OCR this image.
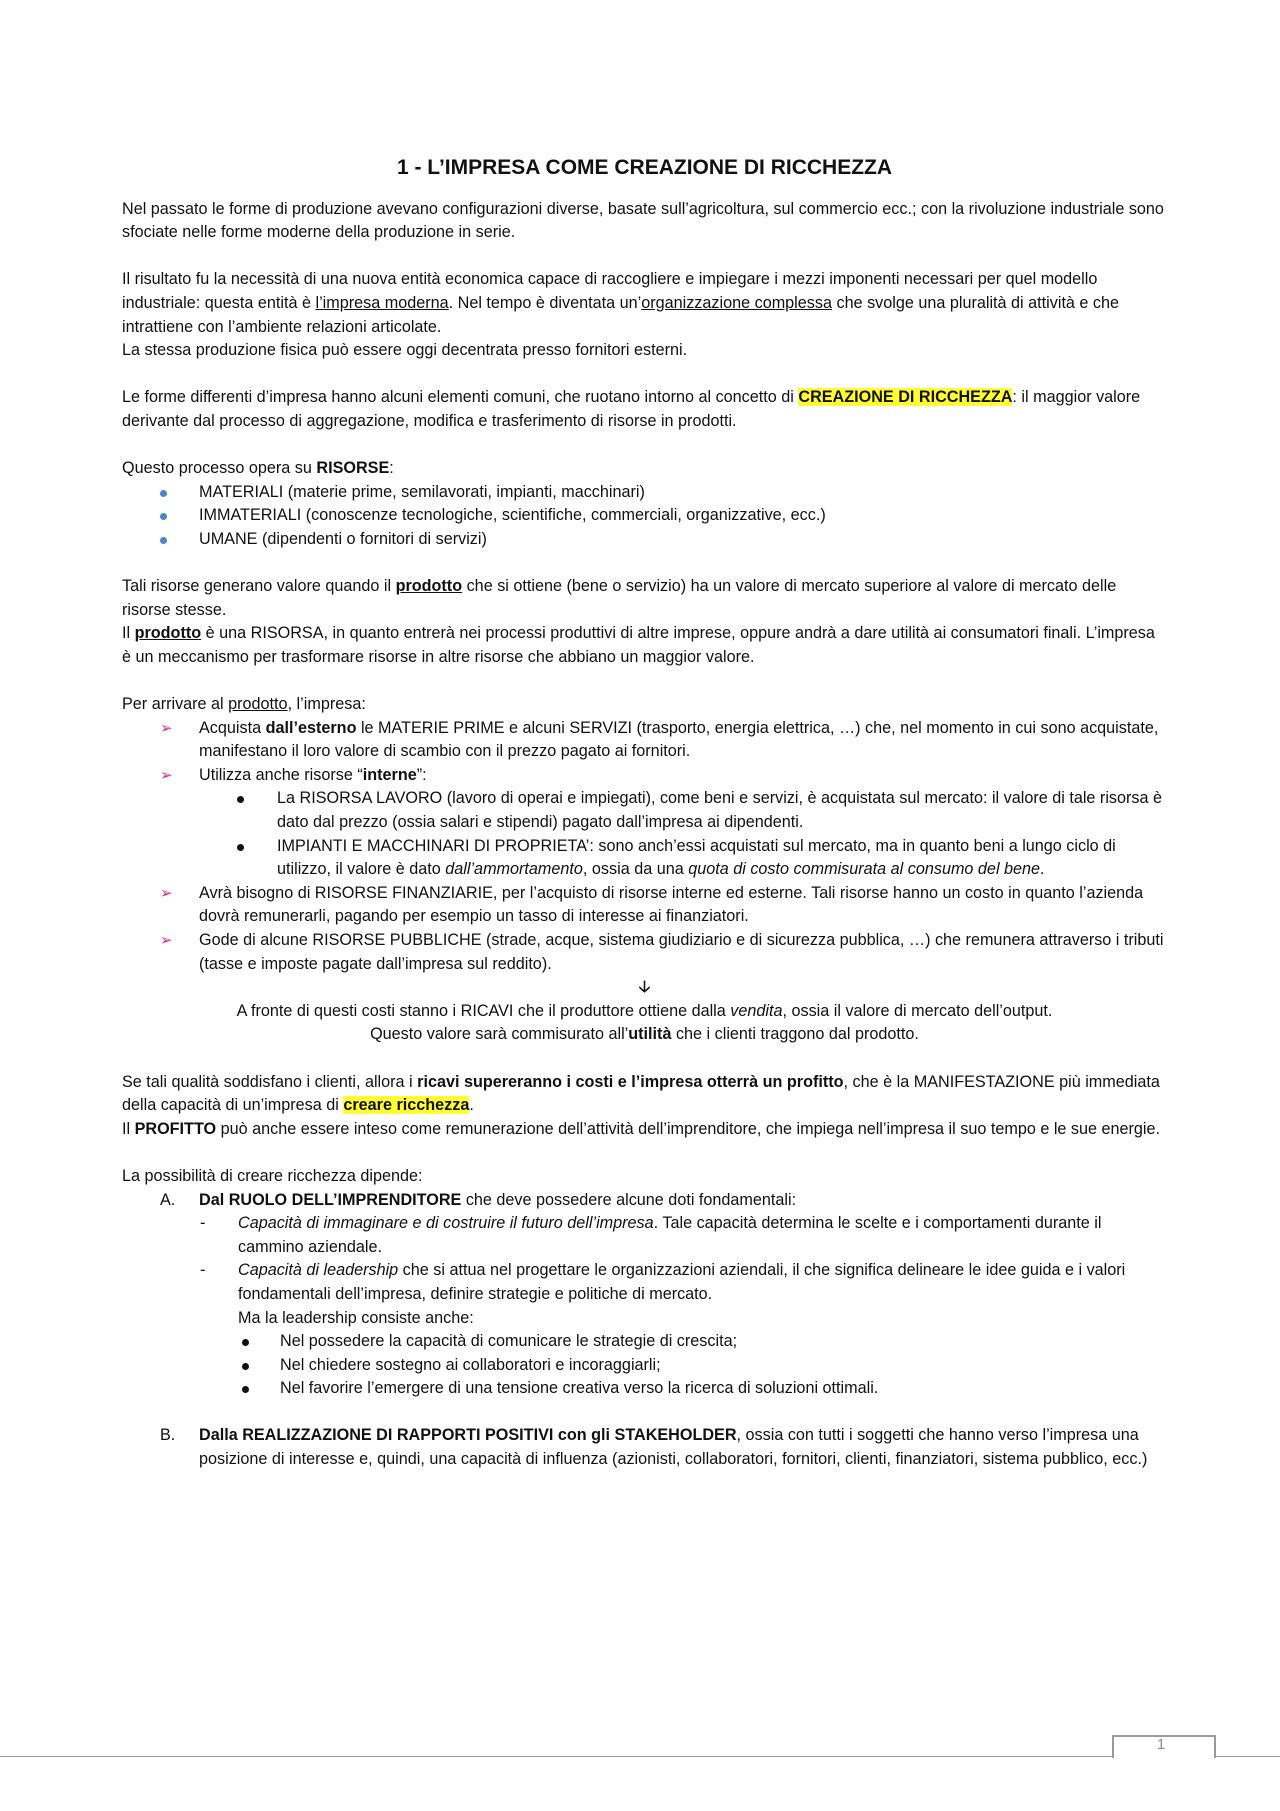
1 - L’IMPRESA COME CREAZIONE DI RICCHEZZA

Nel passato le forme di produzione avevano configurazioni diverse, basate sull’agricoltura, sul commercio ecc.; con la rivoluzione industriale sono sfociate nelle forme moderne della produzione in serie.

Il risultato fu la necessità di una nuova entità economica capace di raccogliere e impiegare i mezzi imponenti necessari per quel modello industriale: questa entità è l’impresa moderna. Nel tempo è diventata un’organizzazione complessa che svolge una pluralità di attività e che intrattiene con l’ambiente relazioni articolate.

La stessa produzione fisica può essere oggi decentrata presso fornitori esterni.

Le forme differenti d’impresa hanno alcuni elementi comuni, che ruotano intorno al concetto di CREAZIONE DI RICCHEZZA: il maggior valore derivante dal processo di aggregazione, modifica e trasferimento di risorse in prodotti.

Questo processo opera su RISORSE:

MATERIALI (materie prime, semilavorati, impianti, macchinari)
IMMATERIALI (conoscenze tecnologiche, scientifiche, commerciali, organizzative, ecc.)
UMANE (dipendenti o fornitori di servizi)

Tali risorse generano valore quando il prodotto che si ottiene (bene o servizio) ha un valore di mercato superiore al valore di mercato delle risorse stesse.

Il prodotto è una RISORSA, in quanto entrerà nei processi produttivi di altre imprese, oppure andrà a dare utilità ai consumatori finali. L’impresa è un meccanismo per trasformare risorse in altre risorse che abbiano un maggior valore.

Per arrivare al prodotto, l’impresa:

➢ Acquista dall’esterno le MATERIE PRIME e alcuni SERVIZI (trasporto, energia elettrica, …) che, nel momento in cui sono acquistate, manifestano il loro valore di scambio con il prezzo pagato ai fornitori.
➢ Utilizza anche risorse “interne”:
La RISORSA LAVORO (lavoro di operai e impiegati), come beni e servizi, è acquistata sul mercato: il valore di tale risorsa è dato dal prezzo (ossia salari e stipendi) pagato dall’impresa ai dipendenti.
IMPIANTI E MACCHINARI DI PROPRIETA’: sono anch’essi acquistati sul mercato, ma in quanto beni a lungo ciclo di utilizzo, il valore è dato dall’ammortamento, ossia da una quota di costo commisurata al consumo del bene.
➢ Avrà bisogno di RISORSE FINANZIARIE, per l’acquisto di risorse interne ed esterne. Tali risorse hanno un costo in quanto l’azienda dovrà remunerarli, pagando per esempio un tasso di interesse ai finanziatori.
➢ Gode di alcune RISORSE PUBBLICHE (strade, acque, sistema giudiziario e di sicurezza pubblica, …) che remunera attraverso i tributi (tasse e imposte pagate dall’impresa sul reddito).

🡣

A fronte di questi costi stanno i RICAVI che il produttore ottiene dalla vendita, ossia il valore di mercato dell’output.

Questo valore sarà commisurato all’utilità che i clienti traggono dal prodotto.

Se tali qualità soddisfano i clienti, allora i ricavi supereranno i costi e l’impresa otterrà un profitto, che è la MANIFESTAZIONE più immediata della capacità di un’impresa di creare ricchezza.

Il PROFITTO può anche essere inteso come remunerazione dell’attività dell’imprenditore, che impiega nell’impresa il suo tempo e le sue energie.

La possibilità di creare ricchezza dipende:

A. Dal RUOLO DELL’IMPRENDITORE che deve possedere alcune doti fondamentali:
- Capacità di immaginare e di costruire il futuro dell’impresa. Tale capacità determina le scelte e i comportamenti durante il cammino aziendale.
- Capacità di leadership che si attua nel progettare le organizzazioni aziendali, il che significa delineare le idee guida e i valori fondamentali dell’impresa, definire strategie e politiche di mercato.
Ma la leadership consiste anche:
Nel possedere la capacità di comunicare le strategie di crescita;
Nel chiedere sostegno ai collaboratori e incoraggiarli;
Nel favorire l’emergere di una tensione creativa verso la ricerca di soluzioni ottimali.
B. Dalla REALIZZAZIONE DI RAPPORTI POSITIVI con gli STAKEHOLDER, ossia con tutti i soggetti che hanno verso l’impresa una posizione di interesse e, quindi, una capacità di influenza (azionisti, collaboratori, fornitori, clienti, finanziatori, sistema pubblico, ecc.)
1
